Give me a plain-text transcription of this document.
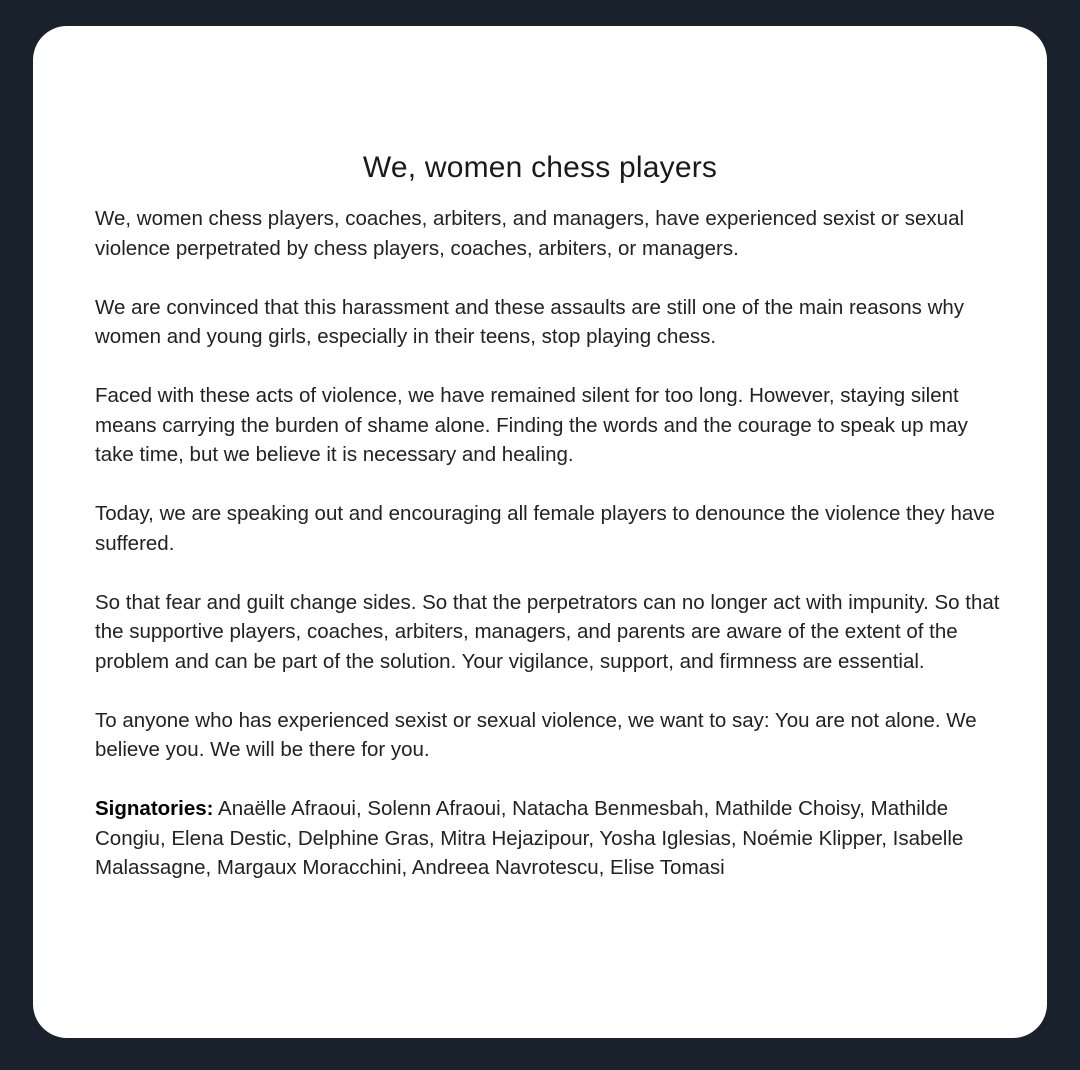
We, women chess players

We, women chess players, coaches, arbiters, and managers, have experienced sexist or sexual violence perpetrated by chess players, coaches, arbiters, or managers.

We are convinced that this harassment and these assaults are still one of the main reasons why women and young girls, especially in their teens, stop playing chess.

Faced with these acts of violence, we have remained silent for too long. However, staying silent means carrying the burden of shame alone. Finding the words and the courage to speak up may take time, but we believe it is necessary and healing.

Today, we are speaking out and encouraging all female players to denounce the violence they have suffered.

So that fear and guilt change sides. So that the perpetrators can no longer act with impunity. So that the supportive players, coaches, arbiters, managers, and parents are aware of the extent of the problem and can be part of the solution. Your vigilance, support, and firmness are essential.

To anyone who has experienced sexist or sexual violence, we want to say: You are not alone. We believe you. We will be there for you.

Signatories: Anaëlle Afraoui, Solenn Afraoui, Natacha Benmesbah, Mathilde Choisy, Mathilde Congiu, Elena Destic, Delphine Gras, Mitra Hejazipour, Yosha Iglesias, Noémie Klipper, Isabelle Malassagne, Margaux Moracchini, Andreea Navrotescu, Elise Tomasi
